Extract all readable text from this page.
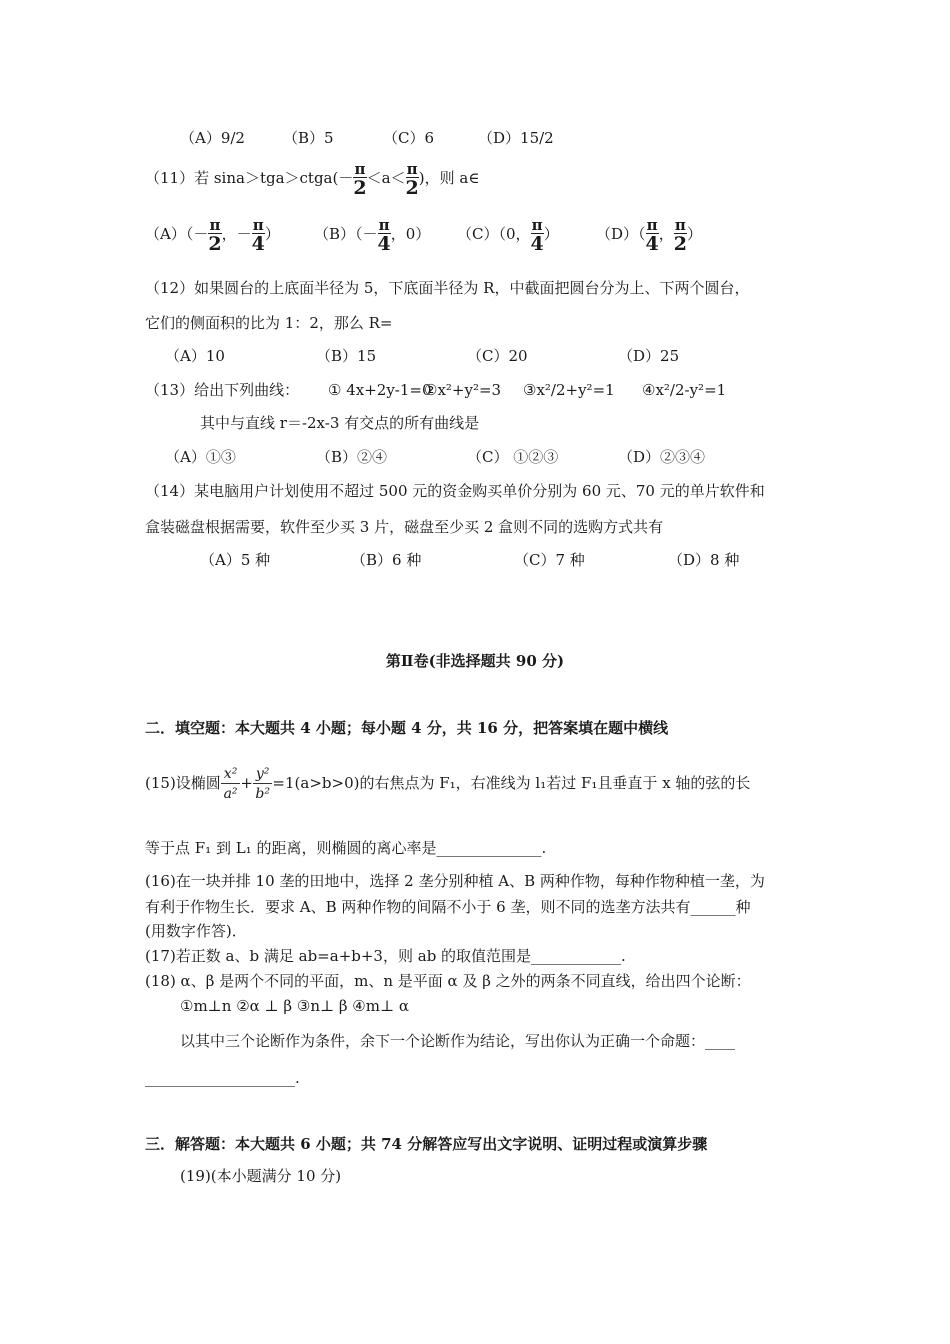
（A）9/2	（B）5	（C）6	（D）15/2
（11）若 sina＞tga＞ctga(－ $\frac{\pi}{2} <a< \frac{\pi}{2}$ )，则 a∈
$(A)(- \frac{\pi}{2}$ ，－ $\frac{\pi}{4}$ ） $(B)(- \frac{\pi}{4}$ ，0） （C）（0， $\frac{\pi}{4}$ ） $(D)( \frac{\pi}{4}$ ， $\frac{\pi}{2}$ ）
（12）如果圆台的上底面半径为 5，下底面半径为 R，中截面把圆台分为上、下两个圆台，
它们的侧面积的比为 1：2，那么 R=
（A）10	（B）15	（C）20	（D）25
（13）给出下列曲线： ① 4x+2y-1=0
②x²+y²=3 ③x²/2+y²=1 ④x²/2-y²=1
其中与直线 r＝-2x-3 有交点的所有曲线是
（A）①③	（B）②④	（C） ①②③	（D）②③④
（14）某电脑用户计划使用不超过 500 元的资金购买单价分别为 60 元、70 元的单片软件和
盒装磁盘根据需要，软件至少买 3 片，磁盘至少买 2 盒则不同的选购方式共有
（A）5 种	（B）6 种	（C）7 种	（D）8 种
第Ⅱ卷(非选择题共 90 分)
二．填空题：本大题共 4 小题；每小题 4 分，共 16 分，把答案填在题中横线
(15)设椭圆 $\frac{\text{x²}}{\text{a²}} + \frac{\text{y²}}{\text{b²}} =1(a>b>0)$的右焦点为 F₁，右准线为 l₁若过 F₁且垂直于 x 轴的弦的长
等于点 F₁ 到 L₁ 的距离，则椭圆的离心率是______________.
(16)在一块并排 10 垄的田地中，选择 2 垄分别种植 A、B 两种作物，每种作物种植一垄，为
有利于作物生长．要求 A、B 两种作物的间隔不小于 6 垄，则不同的选垄方法共有______种
(用数字作答)．
(17)若正数 a、b 满足 ab=a+b+3，则 ab 的取值范围是____________.
(18) α、β 是两个不同的平面，m、n 是平面 α 及 β 之外的两条不同直线，给出四个论断：
①m⊥n ②α ⊥ β ③n⊥ β ④m⊥ α
以其中三个论断作为条件，余下一个论断作为结论，写出你认为正确一个命题：____
____________________.
三．解答题：本大题共 6 小题；共 74 分解答应写出文字说明、证明过程或演算步骤
(19)(本小题满分 10 分)
